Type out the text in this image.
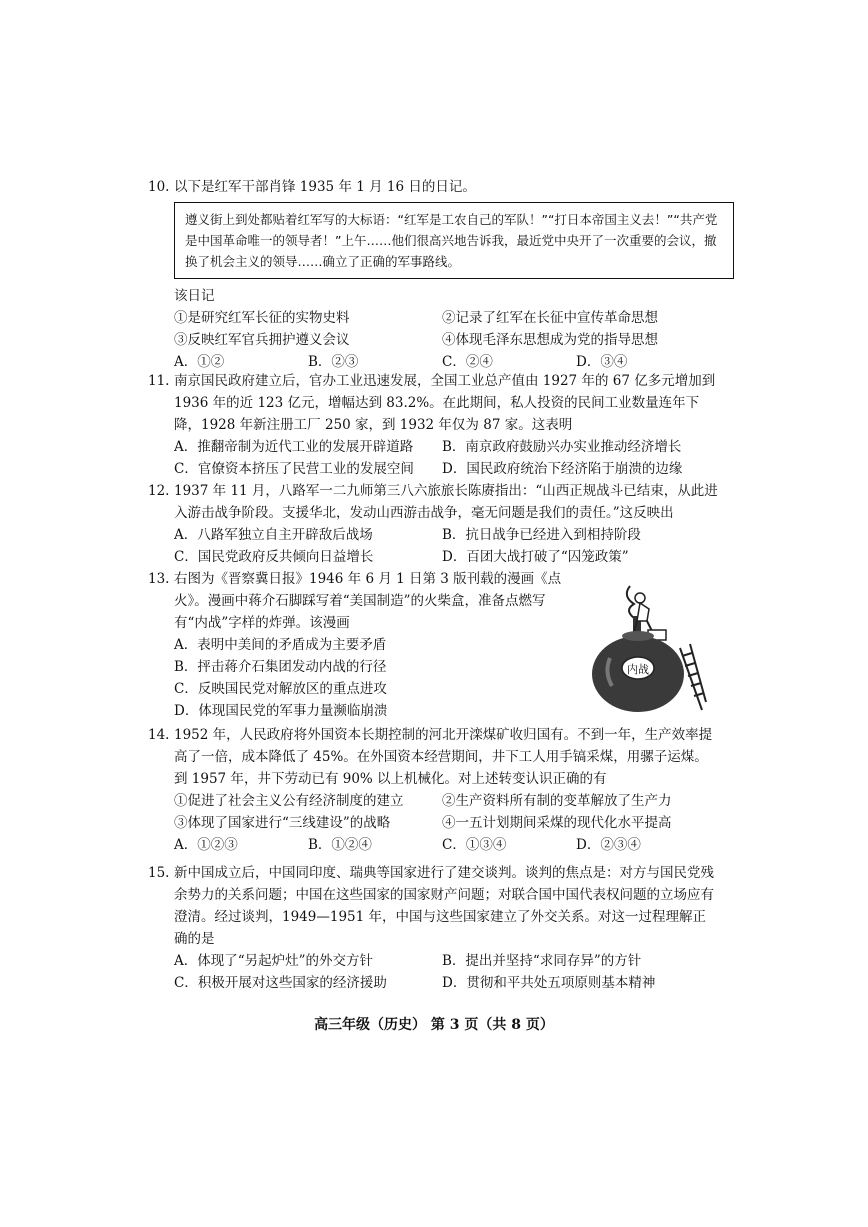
10. 以下是红军干部肖锋 1935 年 1 月 16 日的日记。
遵义街上到处都贴着红军写的大标语：“红军是工农自己的军队！”“打日本帝国主义去！”“共产党是中国革命唯一的领导者！”上午……他们很高兴地告诉我，最近党中央开了一次重要的会议，撤换了机会主义的领导……确立了正确的军事路线。
该日记
①是研究红军长征的实物史料	②记录了红军在长征中宣传革命思想
③反映红军官兵拥护遵义会议	④体现毛泽东思想成为党的指导思想
A．①②	B．②③	C．②④	D．③④
11. 南京国民政府建立后，官办工业迅速发展，全国工业总产值由 1927 年的 67 亿多元增加到 1936 年的近 123 亿元，增幅达到 83.2%。在此期间，私人投资的民间工业数量连年下降，1928 年新注册工厂 250 家，到 1932 年仅为 87 家。这表明
A．推翻帝制为近代工业的发展开辟道路	B．南京政府鼓励兴办实业推动经济增长
C．官僚资本挤压了民营工业的发展空间	D．国民政府统治下经济陷于崩溃的边缘
12. 1937 年 11 月，八路军一二九师第三八六旅旅长陈赓指出：“山西正规战斗已结束，从此进入游击战争阶段。支援华北，发动山西游击战争，毫无问题是我们的责任。”这反映出
A．八路军独立自主开辟敌后战场	B．抗日战争已经进入到相持阶段
C．国民党政府反共倾向日益增长	D．百团大战打破了“囚笼政策”
13. 右图为《晋察冀日报》1946 年 6 月 1 日第 3 版刊载的漫画《点火》。漫画中蒋介石脚踩写着“美国制造”的火柴盒，准备点燃写有“内战”字样的炸弹。该漫画
A．表明中美间的矛盾成为主要矛盾
B．抨击蒋介石集团发动内战的行径
C．反映国民党对解放区的重点进攻
D．体现国民党的军事力量濒临崩溃
内战
14. 1952 年，人民政府将外国资本长期控制的河北开滦煤矿收归国有。不到一年，生产效率提高了一倍，成本降低了 45%。在外国资本经营期间，井下工人用手镐采煤，用骡子运煤。到 1957 年，井下劳动已有 90% 以上机械化。对上述转变认识正确的有
①促进了社会主义公有经济制度的建立	②生产资料所有制的变革解放了生产力
③体现了国家进行“三线建设”的战略	④一五计划期间采煤的现代化水平提高
A．①②③	B．①②④	C．①③④	D．②③④
15. 新中国成立后，中国同印度、瑞典等国家进行了建交谈判。谈判的焦点是：对方与国民党残余势力的关系问题；中国在这些国家的国家财产问题；对联合国中国代表权问题的立场应有澄清。经过谈判，1949—1951 年，中国与这些国家建立了外交关系。对这一过程理解正确的是
A．体现了“另起炉灶”的外交方针	B．提出并坚持“求同存异”的方针
C．积极开展对这些国家的经济援助	D．贯彻和平共处五项原则基本精神
高三年级（历史） 第 3 页（共 8 页）
